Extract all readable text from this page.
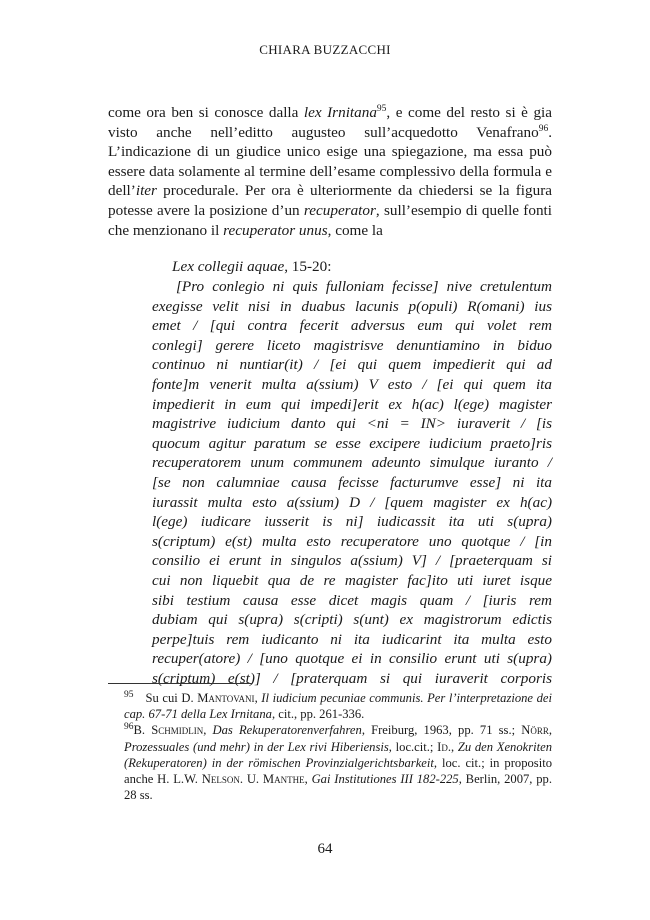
CHIARA BUZZACCHI
come ora ben si conosce dalla lex Irnitana$^{95}$, e come del resto si è gia visto anche nell’editto augusteo sull’acquedotto Venafrano$^{96}$. L’indicazione di un giudice unico esige una spiegazione, ma essa può essere data solamente al termine dell’esame complessivo della formula e dell’iter procedurale. Per ora è ulteriormente da chiedersi se la figura potesse avere la posizione d’un recuperator, sull’esempio di quelle fonti che menzionano il recuperator unus, come la
Lex collegii aquae, 15-20:
[Pro conlegio ni quis fulloniam fecisse] nive cretulentum
exegisse velit nisi in duabus lacunis p(opuli) R(omani) ius
emet / [qui contra fecerit adversus eum qui volet rem
conlegi] gerere liceto magistrisve denuntiamino in biduo
continuo ni nuntiar(it) / [ei qui quem impedierit qui ad
fonte]m venerit multa a(ssium) V esto / [ei qui quem ita
impedierit in eum qui impedi]erit ex h(ac) l(ege) magister
magistrive iudicium danto qui <ni = IN> iuraverit / [is
quocum agitur paratum se esse excipere iudicium praeto]ris
recuperatorem unum communem adeunto simulque iuranto /
[se non calumniae causa fecisse facturumve esse] ni ita
iurassit multa esto a(ssium) D / [quem magister ex h(ac)
l(ege) iudicare iusserit is ni] iudicassit ita uti s(upra)
s(criptum) e(st) multa esto recuperatore uno quotque / [in
consilio ei erunt in singulos a(ssium) V] / [praeterquam si
cui non liquebit qua de re magister fac]ito uti iuret isque
sibi testium causa esse dicet magis quam / [iuris rem
dubiam qui s(upra) s(cripti) s(unt) ex magistrorum edictis
perpe]tuis rem iudicanto ni ita iudicarint ita multa esto
recuper(atore) / [uno quotque ei in consilio erunt uti s(upra)
s(criptum) e(st)] / [praterquam si qui iuraverit corporis

$^{95}$ Su cui D. Mantovani, Il iudicium pecuniae communis. Per l’interpretazione dei cap. 67-71 della Lex Irnitana, cit., pp. 261-336.

$^{96}$B. Schmidlin, Das Rekuperatorenverfahren, Freiburg, 1963, pp. 71 ss.; Nörr, Prozessuales (und mehr) in der Lex rivi Hiberiensis, loc.cit.; Id., Zu den Xenokriten (Rekuperatoren) in der römischen Provinzialgerichtsbarkeit, loc. cit.; in proposito anche H. L.W. Nelson. U. Manthe, Gai Institutiones III 182-225, Berlin, 2007, pp. 28 ss.

64
